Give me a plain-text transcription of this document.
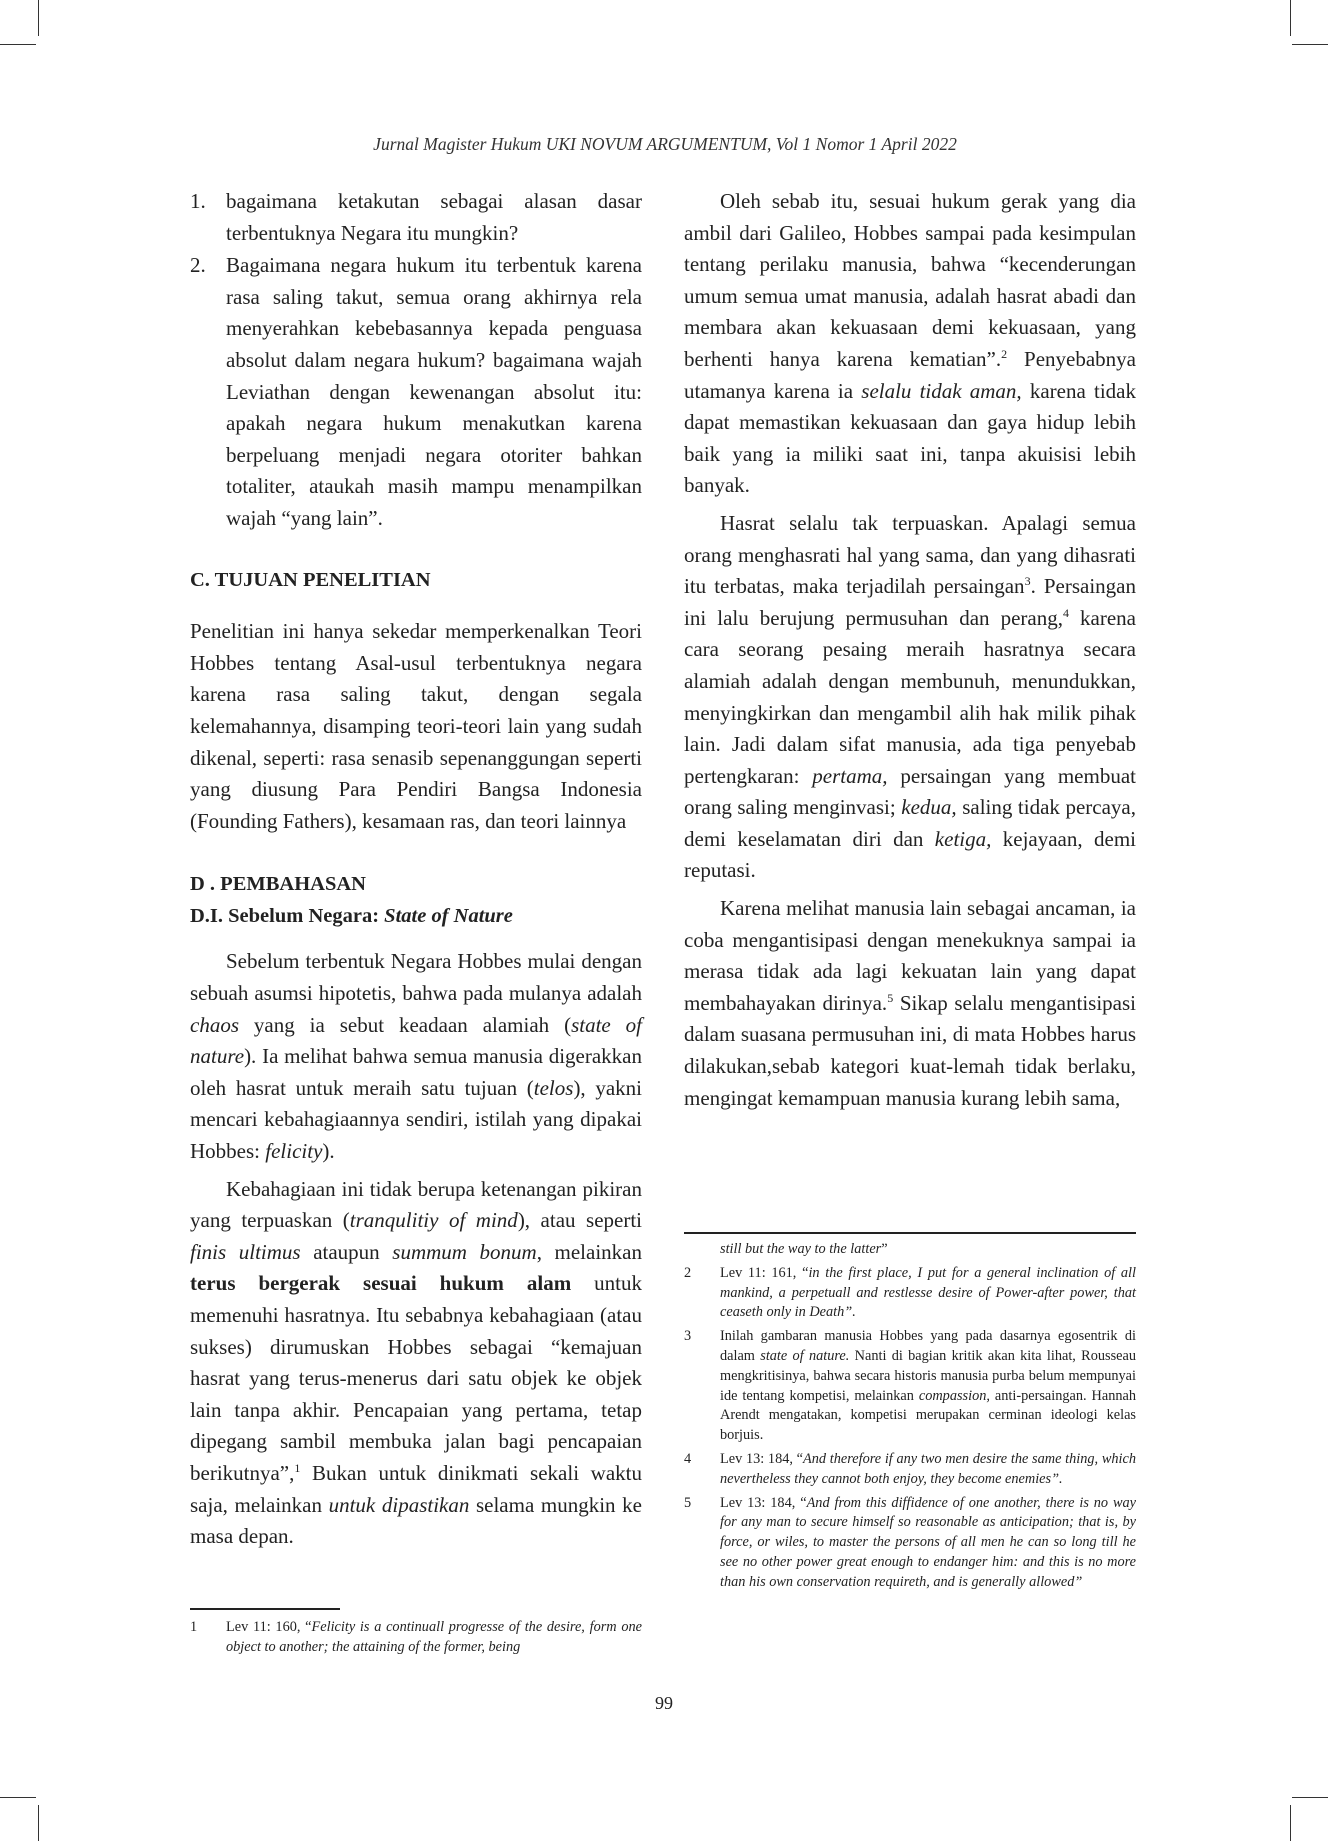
Jurnal Magister Hukum UKI NOVUM ARGUMENTUM, Vol 1 Nomor 1 April 2022
1. bagaimana ketakutan sebagai alasan dasar terbentuknya Negara itu mungkin?
2. Bagaimana negara hukum itu terbentuk karena rasa saling takut, semua orang akhirnya rela menyerahkan kebebasannya kepada penguasa absolut dalam negara hukum? bagaimana wajah Leviathan dengan kewenangan absolut itu: apakah negara hukum menakutkan karena berpeluang menjadi negara otoriter bahkan totaliter, ataukah masih mampu menampilkan wajah “yang lain”.
C. TUJUAN PENELITIAN

Penelitian ini hanya sekedar memperkenalkan Teori Hobbes tentang Asal-usul terbentuknya negara karena rasa saling takut, dengan segala kelemahannya, disamping teori-teori lain yang sudah dikenal, seperti: rasa senasib sepenanggungan seperti yang diusung Para Pendiri Bangsa Indonesia (Founding Fathers), kesamaan ras, dan teori lainnya

D . PEMBAHASAN
D.I. Sebelum Negara: State of Nature

Sebelum terbentuk Negara Hobbes mulai dengan sebuah asumsi hipotetis, bahwa pada mulanya adalah chaos yang ia sebut keadaan alamiah (state of nature). Ia melihat bahwa semua manusia digerakkan oleh hasrat untuk meraih satu tujuan (telos), yakni mencari kebahagiaannya sendiri, istilah yang dipakai Hobbes: felicity).

Kebahagiaan ini tidak berupa ketenangan pikiran yang terpuaskan (tranqulitiy of mind), atau seperti finis ultimus ataupun summum bonum, melainkan terus bergerak sesuai hukum alam untuk memenuhi hasratnya. Itu sebabnya kebahagiaan (atau sukses) dirumuskan Hobbes sebagai “kemajuan hasrat yang terus-menerus dari satu objek ke objek lain tanpa akhir. Pencapaian yang pertama, tetap dipegang sambil membuka jalan bagi pencapaian berikutnya”,$^1$ Bukan untuk dinikmati sekali waktu saja, melainkan untuk dipastikan selama mungkin ke masa depan.

Oleh sebab itu, sesuai hukum gerak yang dia ambil dari Galileo, Hobbes sampai pada kesimpulan tentang perilaku manusia, bahwa “kecenderungan umum semua umat manusia, adalah hasrat abadi dan membara akan kekuasaan demi kekuasaan, yang berhenti hanya karena kematian”.$^2$ Penyebabnya utamanya karena ia selalu tidak aman, karena tidak dapat memastikan kekuasaan dan gaya hidup lebih baik yang ia miliki saat ini, tanpa akuisisi lebih banyak.

Hasrat selalu tak terpuaskan. Apalagi semua orang menghasrati hal yang sama, dan yang dihasrati itu terbatas, maka terjadilah persaingan$^3$. Persaingan ini lalu berujung permusuhan dan perang,$^4$ karena cara seorang pesaing meraih hasratnya secara alamiah adalah dengan membunuh, menundukkan, menyingkirkan dan mengambil alih hak milik pihak lain. Jadi dalam sifat manusia, ada tiga penyebab pertengkaran: pertama, persaingan yang membuat orang saling menginvasi; kedua, saling tidak percaya, demi keselamatan diri dan ketiga, kejayaan, demi reputasi.

Karena melihat manusia lain sebagai ancaman, ia coba mengantisipasi dengan menekuknya sampai ia merasa tidak ada lagi kekuatan lain yang dapat membahayakan dirinya.$^5$ Sikap selalu mengantisipasi dalam suasana permusuhan ini, di mata Hobbes harus dilakukan,sebab kategori kuat-lemah tidak berlaku, mengingat kemampuan manusia kurang lebih sama,

1 Lev 11: 160, “Felicity is a continuall progresse of the desire, form one object to another; the attaining of the former, being
still but the way to the latter”
2 Lev 11: 161, “in the first place, I put for a general inclination of all mankind, a perpetuall and restlesse desire of Power-after power, that ceaseth only in Death”.
3 Inilah gambaran manusia Hobbes yang pada dasarnya egosentrik di dalam state of nature. Nanti di bagian kritik akan kita lihat, Rousseau mengkritisinya, bahwa secara historis manusia purba belum mempunyai ide tentang kompetisi, melainkan compassion, anti-persaingan. Hannah Arendt mengatakan, kompetisi merupakan cerminan ideologi kelas borjuis.
4 Lev 13: 184, “And therefore if any two men desire the same thing, which nevertheless they cannot both enjoy, they become enemies”.
5 Lev 13: 184, “And from this diffidence of one another, there is no way for any man to secure himself so reasonable as anticipation; that is, by force, or wiles, to master the persons of all men he can so long till he see no other power great enough to endanger him: and this is no more than his own conservation requireth, and is generally allowed”
99
